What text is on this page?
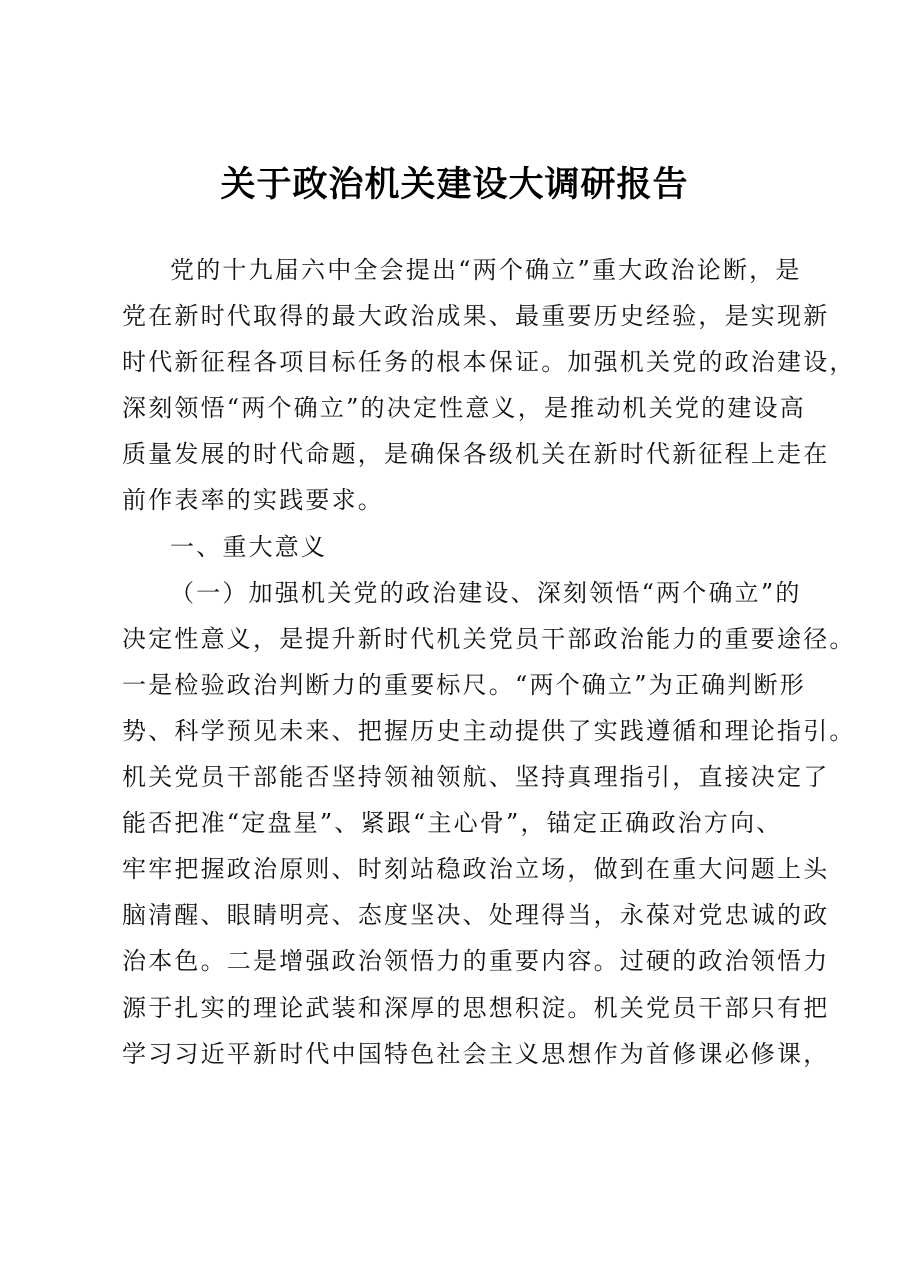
关于政治机关建设大调研报告
党的十九届六中全会提出“两个确立”重大政治论断，是
党在新时代取得的最大政治成果、最重要历史经验，是实现新
时代新征程各项目标任务的根本保证。加强机关党的政治建设，
深刻领悟“两个确立”的决定性意义，是推动机关党的建设高
质量发展的时代命题，是确保各级机关在新时代新征程上走在
前作表率的实践要求。
一、重大意义
（一）加强机关党的政治建设、深刻领悟“两个确立”的
决定性意义，是提升新时代机关党员干部政治能力的重要途径。
一是检验政治判断力的重要标尺。“两个确立”为正确判断形
势、科学预见未来、把握历史主动提供了实践遵循和理论指引。
机关党员干部能否坚持领袖领航、坚持真理指引，直接决定了
能否把准“定盘星”、紧跟“主心骨”，锚定正确政治方向、
牢牢把握政治原则、时刻站稳政治立场，做到在重大问题上头
脑清醒、眼睛明亮、态度坚决、处理得当，永葆对党忠诚的政
治本色。二是增强政治领悟力的重要内容。过硬的政治领悟力
源于扎实的理论武装和深厚的思想积淀。机关党员干部只有把
学习习近平新时代中国特色社会主义思想作为首修课必修课，
